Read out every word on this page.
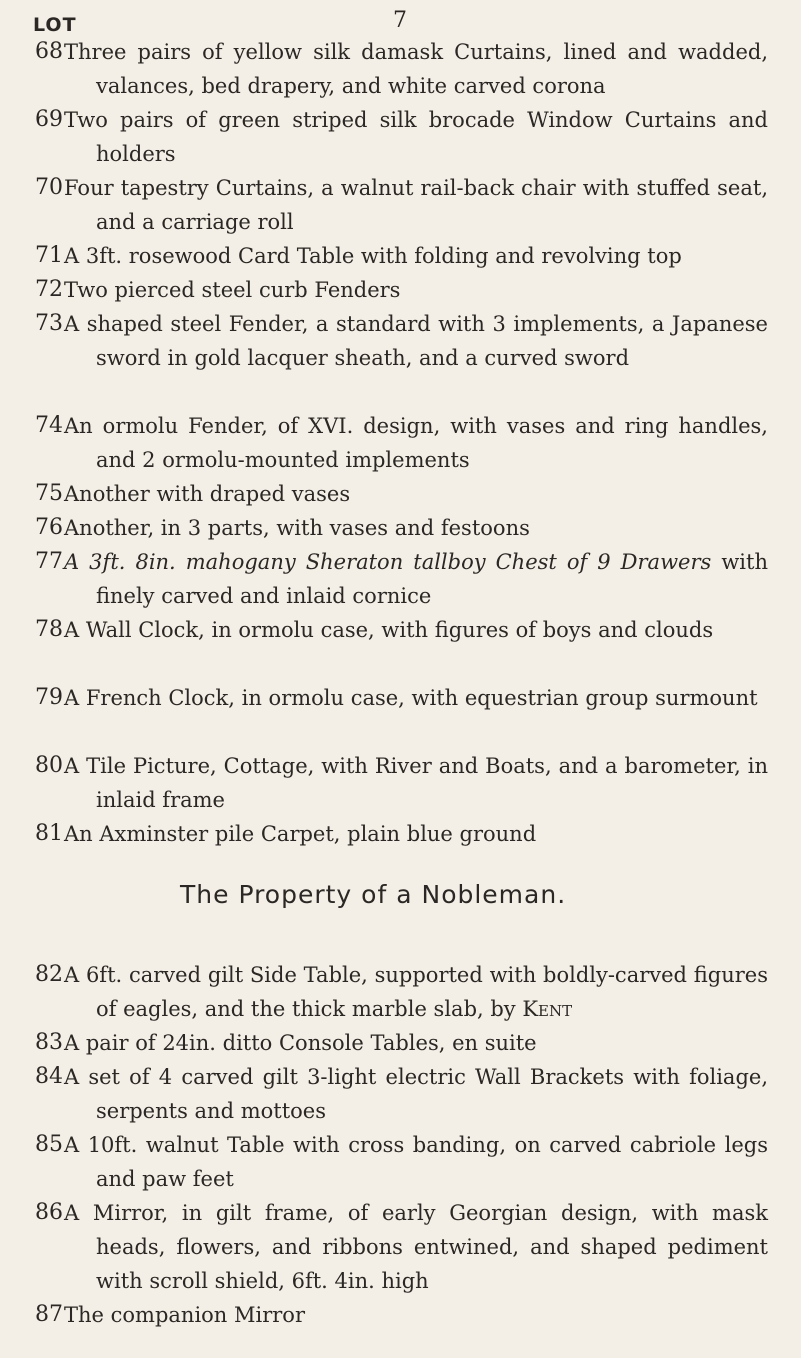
7
LOT
68 Three pairs of yellow silk damask Curtains, lined and wadded, valances, bed drapery, and white carved corona
69 Two pairs of green striped silk brocade Window Curtains and holders
70 Four tapestry Curtains, a walnut rail-back chair with stuffed seat, and a carriage roll
71 A 3ft. rosewood Card Table with folding and revolving top
72 Two pierced steel curb Fenders
73 A shaped steel Fender, a standard with 3 implements, a Japanese sword in gold lacquer sheath, and a curved sword
74 An ormolu Fender, of XVI. design, with vases and ring handles, and 2 ormolu-mounted implements
75 Another with draped vases
76 Another, in 3 parts, with vases and festoons
77 A 3ft. 8in. mahogany Sheraton tallboy Chest of 9 Drawers with finely carved and inlaid cornice
78 A Wall Clock, in ormolu case, with figures of boys and clouds
79 A French Clock, in ormolu case, with equestrian group surmount
80 A Tile Picture, Cottage, with River and Boats, and a barometer, in inlaid frame
81 An Axminster pile Carpet, plain blue ground
The Property of a Nobleman.
82 A 6ft. carved gilt Side Table, supported with boldly-carved figures of eagles, and the thick marble slab, by Kent
83 A pair of 24in. ditto Console Tables, en suite
84 A set of 4 carved gilt 3-light electric Wall Brackets with foliage, serpents and mottoes
85 A 10ft. walnut Table with cross banding, on carved cabriole legs and paw feet
86 A Mirror, in gilt frame, of early Georgian design, with mask heads, flowers, and ribbons entwined, and shaped pediment with scroll shield, 6ft. 4in. high
87 The companion Mirror
